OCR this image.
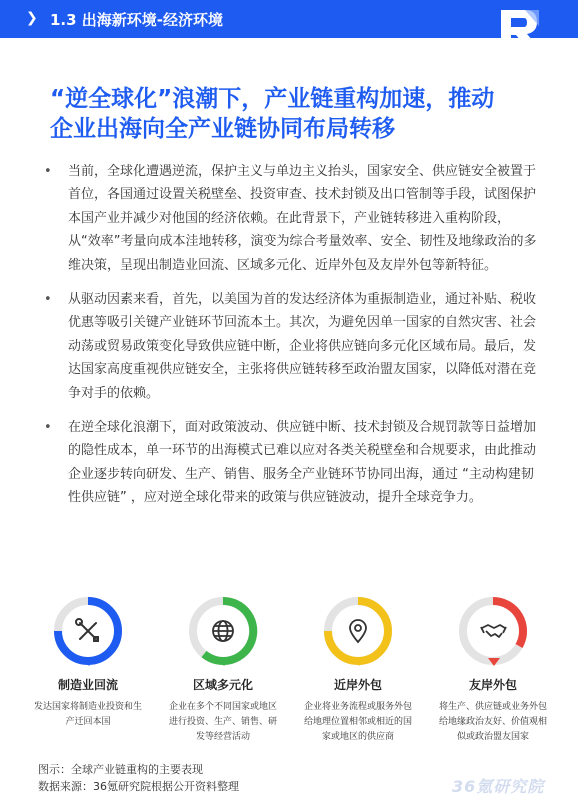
❯ 1.3 出海新环境-经济环境
“逆全球化”浪潮下，产业链重构加速，推动
企业出海向全产业链协同布局转移
• 当前，全球化遭遇逆流，保护主义与单边主义抬头，国家安全、供应链安全被置于首位，各国通过设置关税壁垒、投资审查、技术封锁及出口管制等手段，试图保护本国产业并减少对他国的经济依赖。在此背景下，产业链转移进入重构阶段，从“效率”考量向成本洼地转移，演变为综合考量效率、安全、韧性及地缘政治的多维决策，呈现出制造业回流、区域多元化、近岸外包及友岸外包等新特征。
• 从驱动因素来看，首先，以美国为首的发达经济体为重振制造业，通过补贴、税收优惠等吸引关键产业链环节回流本土。其次，为避免因单一国家的自然灾害、社会动荡或贸易政策变化导致供应链中断，企业将供应链向多元化区域布局。最后，发达国家高度重视供应链安全，主张将供应链转移至政治盟友国家，以降低对潜在竞争对手的依赖。
• 在逆全球化浪潮下，面对政策波动、供应链中断、技术封锁及合规罚款等日益增加的隐性成本，单一环节的出海模式已难以应对各类关税壁垒和合规要求，由此推动企业逐步转向研发、生产、销售、服务全产业链环节协同出海，通过 “主动构建韧性供应链” ，应对逆全球化带来的政策与供应链波动，提升全球竞争力。
制造业回流
发达国家将制造业投资和生产迁回本国
区域多元化
企业在多个不同国家或地区进行投资、生产、销售、研发等经营活动
近岸外包
企业将业务流程或服务外包给地理位置相邻或相近的国家或地区的供应商
友岸外包
将生产、供应链或业务外包给地缘政治友好、价值观相似或政治盟友国家
图示：全球产业链重构的主要表现
数据来源：36氪研究院根据公开资料整理	36氪研究院
